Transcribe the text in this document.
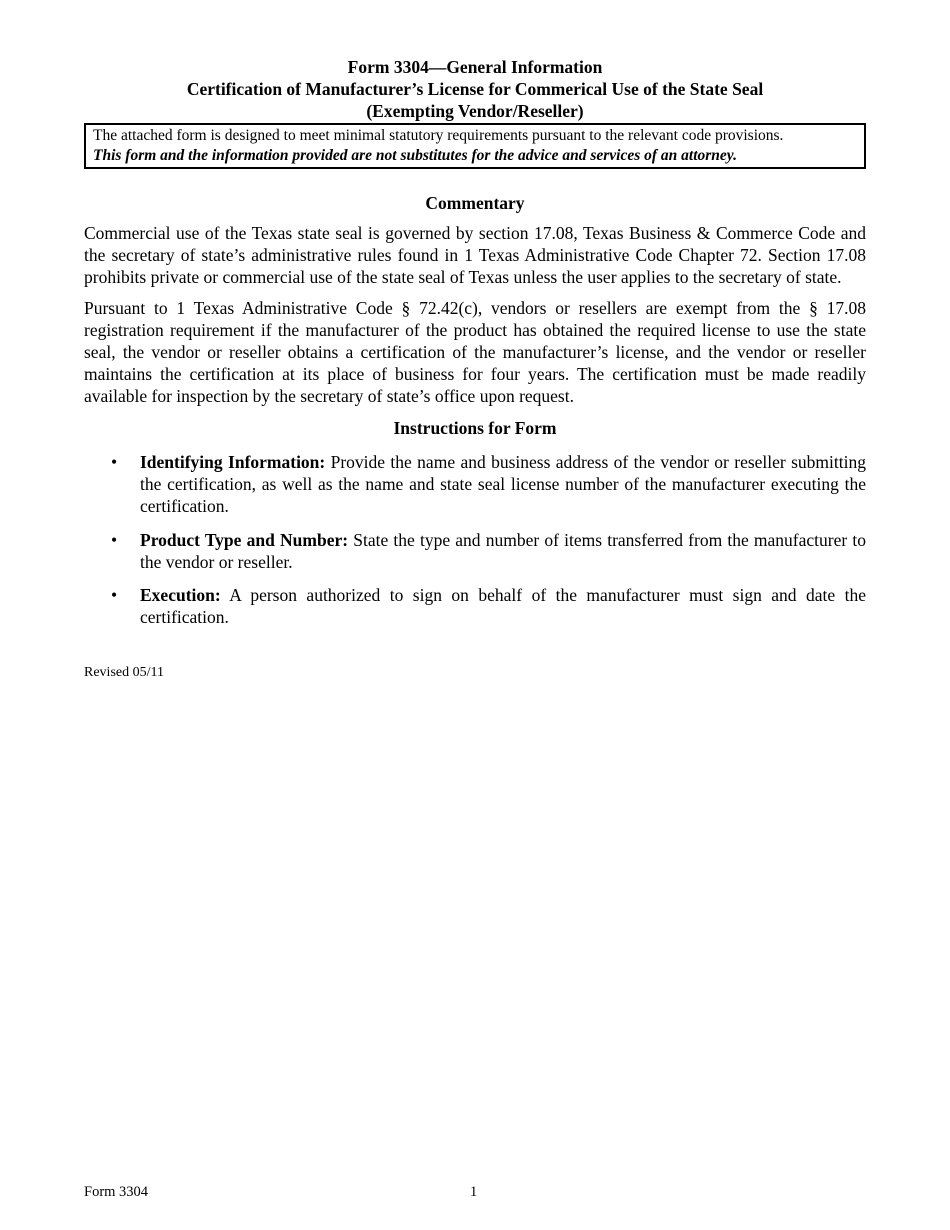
Form 3304—General Information
Certification of Manufacturer’s License for Commerical Use of the State Seal
(Exempting Vendor/Reseller)
The attached form is designed to meet minimal statutory requirements pursuant to the relevant code provisions.
This form and the information provided are not substitutes for the advice and services of an attorney.
Commentary

Commercial use of the Texas state seal is governed by section 17.08, Texas Business & Commerce Code and the secretary of state’s administrative rules found in 1 Texas Administrative Code Chapter 72. Section 17.08 prohibits private or commercial use of the state seal of Texas unless the user applies to the secretary of state.

Pursuant to 1 Texas Administrative Code § 72.42(c), vendors or resellers are exempt from the § 17.08 registration requirement if the manufacturer of the product has obtained the required license to use the state seal, the vendor or reseller obtains a certification of the manufacturer’s license, and the vendor or reseller maintains the certification at its place of business for four years. The certification must be made readily available for inspection by the secretary of state’s office upon request.

Instructions for Form
• Identifying Information: Provide the name and business address of the vendor or reseller submitting the certification, as well as the name and state seal license number of the manufacturer executing the certification.
• Product Type and Number: State the type and number of items transferred from the manufacturer to the vendor or reseller.
• Execution: A person authorized to sign on behalf of the manufacturer must sign and date the certification.
Revised 05/11
Form 3304	1
